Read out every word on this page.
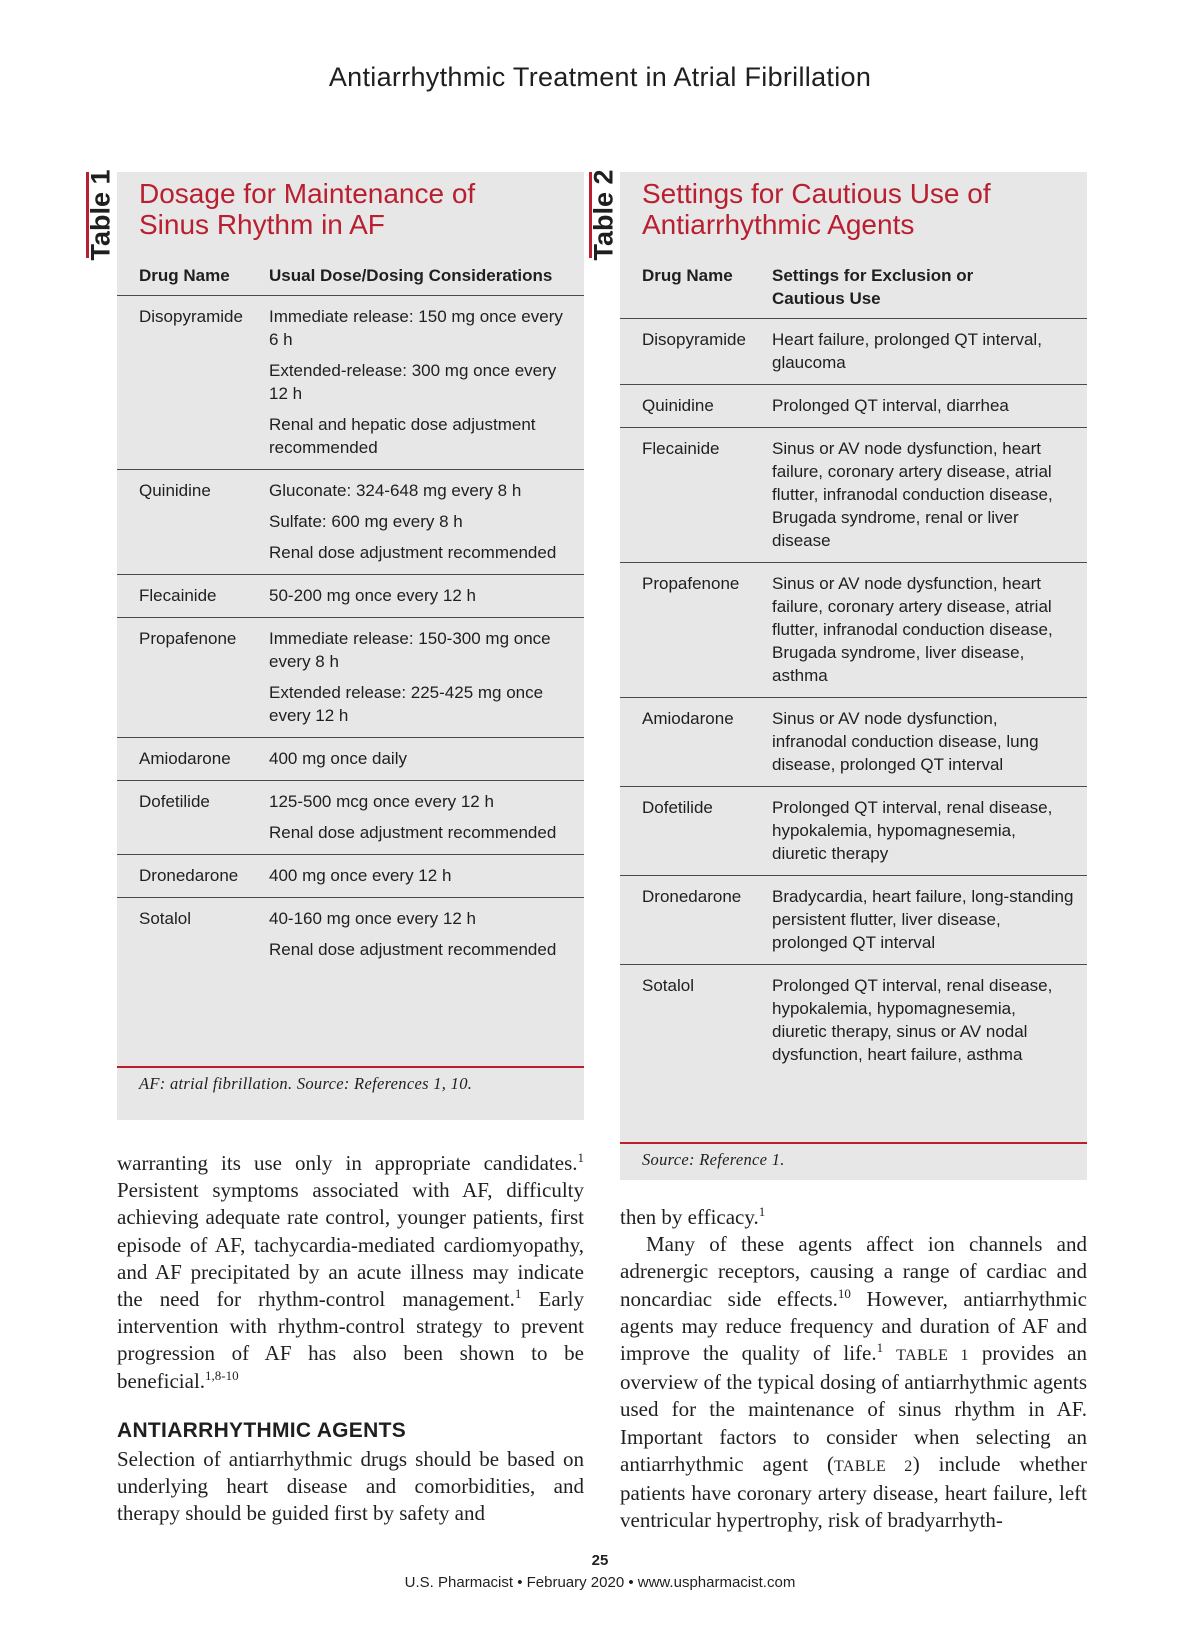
Antiarrhythmic Treatment in Atrial Fibrillation
Table 1 Dosage for Maintenance of
Sinus Rhythm in AF
Drug Name	Usual Dose/Dosing Considerations
Disopyramide	Immediate release: 150 mg once every 6 h

Extended-release: 300 mg once every 12 h

Renal and hepatic dose adjustment recommended

Quinidine	Gluconate: 324-648 mg every 8 h

Sulfate: 600 mg every 8 h

Renal dose adjustment recommended

Flecainide	50-200 mg once every 12 h

Propafenone	Immediate release: 150-300 mg once every 8 h

Extended release: 225-425 mg once every 12 h

Amiodarone	400 mg once daily

Dofetilide	125-500 mcg once every 12 h

Renal dose adjustment recommended

Dronedarone	400 mg once every 12 h

Sotalol	40-160 mg once every 12 h

Renal dose adjustment recommended

AF: atrial fibrillation. Source: References 1, 10.
Table 2 Settings for Cautious Use of
Antiarrhythmic Agents
Drug Name	Settings for Exclusion or Cautious Use
Disopyramide	Heart failure, prolonged QT interval, glaucoma
Quinidine	Prolonged QT interval, diarrhea
Flecainide	Sinus or AV node dysfunction, heart failure, coronary artery disease, atrial flutter, infranodal conduction disease, Brugada syndrome, renal or liver disease
Propafenone	Sinus or AV node dysfunction, heart failure, coronary artery disease, atrial flutter, infranodal conduction disease, Brugada syndrome, liver disease, asthma
Amiodarone	Sinus or AV node dysfunction, infranodal conduction disease, lung disease, prolonged QT interval
Dofetilide	Prolonged QT interval, renal disease, hypokalemia, hypomagnesemia, diuretic therapy
Dronedarone	Bradycardia, heart failure, long-standing persistent flutter, liver disease, prolonged QT interval
Sotalol	Prolonged QT interval, renal disease, hypokalemia, hypomagnesemia, diuretic therapy, sinus or AV nodal dysfunction, heart failure, asthma
Source: Reference 1.

warranting its use only in appropriate candidates.$^1$ Persistent symptoms associated with AF, difficulty achieving adequate rate control, younger patients, first episode of AF, tachycardia-mediated cardiomyopathy, and AF precipitated by an acute illness may indicate the need for rhythm-control management.$^1$ Early intervention with rhythm-control strategy to prevent progression of AF has also been shown to be beneficial.$^{1,8-10}$

ANTIARRHYTHMIC AGENTS

Selection of antiarrhythmic drugs should be based on underlying heart disease and comorbidities, and therapy should be guided first by safety and

then by efficacy.$^1$

Many of these agents affect ion channels and adrenergic receptors, causing a range of cardiac and noncardiac side effects.$^{10}$ However, antiarrhythmic agents may reduce frequency and duration of AF and improve the quality of life.$^1$ TABLE 1 provides an overview of the typical dosing of antiarrhythmic agents used for the maintenance of sinus rhythm in AF. Important factors to consider when selecting an antiarrhythmic agent (TABLE 2) include whether patients have coronary artery disease, heart failure, left ventricular hypertrophy, risk of bradyarrhyth-

25
U.S. Pharmacist • February 2020 • www.uspharmacist.com
